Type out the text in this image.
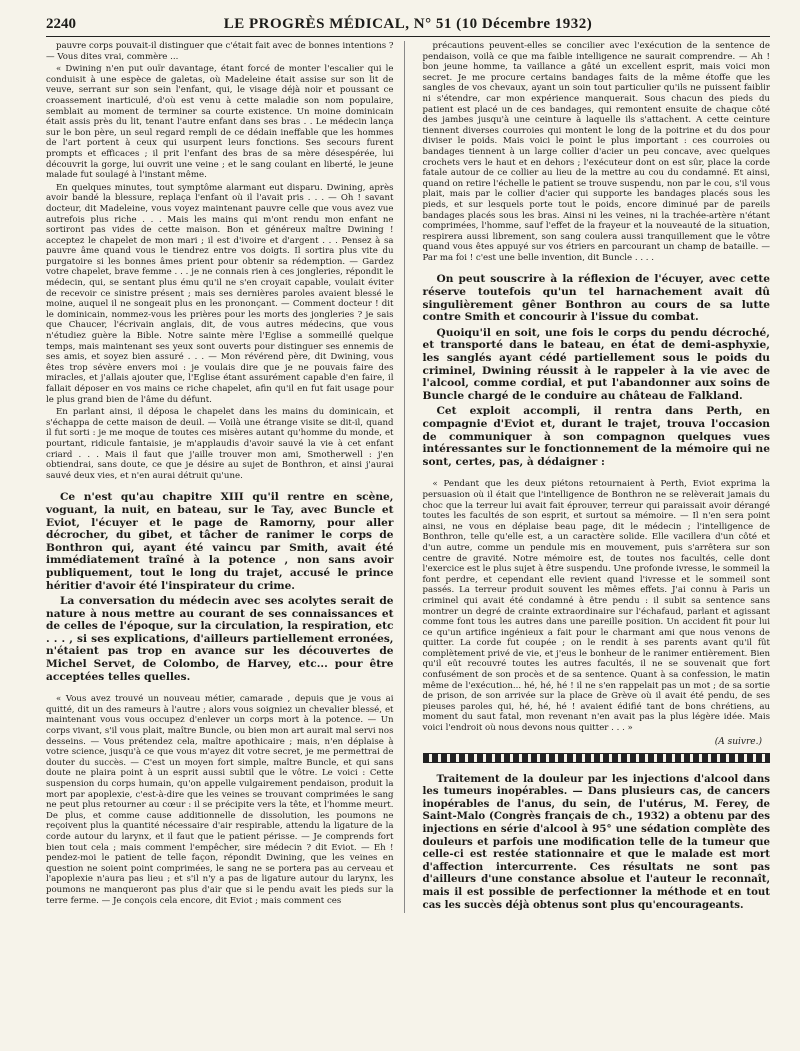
2240	LE PROGRÈS MÉDICAL, N° 51 (10 Décembre 1932)

pauvre corps pouvait-il distinguer que c'était fait avec de bonnes intentions ? — Vous dites vrai, commère ...

« Dwining n'en put ouïr davantage, étant forcé de monter l'escalier qui le conduisit à une espèce de galetas, où Madeleine était assise sur son lit de veuve, serrant sur son sein l'enfant, qui, le visage déjà noir et poussant ce croassement inarticulé, d'où est venu à cette maladie son nom populaire, semblait au moment de terminer sa courte existence. Un moine dominicain était assis près du lit, tenant l'autre enfant dans ses bras . . Le médecin lança sur le bon père, un seul regard rempli de ce dédain ineffable que les hommes de l'art portent à ceux qui usurpent leurs fonctions. Ses secours furent prompts et efficaces ; il prit l'enfant des bras de sa mère désespérée, lui découvrit la gorge, lui ouvrit une veine ; et le sang coulant en liberté, le jeune malade fut soulagé à l'instant même.

En quelques minutes, tout symptôme alarmant eut disparu. Dwining, après avoir bandé la blessure, replaça l'enfant où il l'avait pris . . . — Oh ! savant docteur, dit Madeleine, vous voyez maintenant pauvre celle que vous avez vue autrefois plus riche . . . Mais les mains qui m'ont rendu mon enfant ne sortiront pas vides de cette maison. Bon et généreux maître Dwining ! acceptez le chapelet de mon mari ; il est d'ivoire et d'argent . . . Pensez à sa pauvre âme quand vous le tiendrez entre vos doigts. Il sortira plus vite du purgatoire si les bonnes âmes prient pour obtenir sa rédemption. — Gardez votre chapelet, brave femme . . . je ne connais rien à ces jongleries, répondit le médecin, qui, se sentant plus ému qu'il ne s'en croyait capable, voulait éviter de recevoir ce sinistre présent ; mais ses dernières paroles avaient blessé le moine, auquel il ne songeait plus en les prononçant. — Comment docteur ! dit le dominicain, nommez-vous les prières pour les morts des jongleries ? je sais que Chaucer, l'écrivain anglais, dit, de vous autres médecins, que vous n'étudiez guère la Bible. Notre sainte mère l'Eglise a sommeillé quelque temps, mais maintenant ses yeux sont ouverts pour distinguer ses ennemis de ses amis, et soyez bien assuré . . . — Mon révérend père, dit Dwining, vous êtes trop sévère envers moi : je voulais dire que je ne pouvais faire des miracles, et j'allais ajouter que, l'Eglise étant assurément capable d'en faire, il fallait déposer en vos mains ce riche chapelet, afin qu'il en fut fait usage pour le plus grand bien de l'âme du défunt.

En parlant ainsi, il déposa le chapelet dans les mains du dominicain, et s'échappa de cette maison de deuil. — Voilà une étrange visite se dit-il, quand il fut sorti : je me moque de toutes ces misères autant qu'homme du monde, et pourtant, ridicule fantaisie, je m'applaudis d'avoir sauvé la vie à cet enfant criard . . . Mais il faut que j'aille trouver mon ami, Smotherwell : j'en obtiendrai, sans doute, ce que je désire au sujet de Bonthron, et ainsi j'aurai sauvé deux vies, et n'en aurai détruit qu'une.

Ce n'est qu'au chapitre XIII qu'il rentre en scène, voguant, la nuit, en bateau, sur le Tay, avec Buncle et Eviot, l'écuyer et le page de Ramorny, pour aller décrocher, du gibet, et tâcher de ranimer le corps de Bonthron qui, ayant été vaincu par Smith, avait été immédiatement traîné à la potence , non sans avoir publiquement, tout le long du trajet, accusé le prince héritier d'avoir été l'inspirateur du crime.

La conversation du médecin avec ses acolytes serait de nature à nous mettre au courant de ses connaissances et de celles de l'époque, sur la circulation, la respiration, etc . . . , si ses explications, d'ailleurs partiellement erronées, n'étaient pas trop en avance sur les découvertes de Michel Servet, de Colombo, de Harvey, etc... pour être acceptées telles quelles.

« Vous avez trouvé un nouveau métier, camarade , depuis que je vous ai quitté, dit un des rameurs à l'autre ; alors vous soigniez un chevalier blessé, et maintenant vous vous occupez d'enlever un corps mort à la potence. — Un corps vivant, s'il vous plait, maître Buncle, ou bien mon art aurait mal servi nos desseins. — Vous prétendez cela, maître apothicaire ; mais, n'en déplaise à votre science, jusqu'à ce que vous m'ayez dit votre secret, je me permettrai de douter du succès. — C'est un moyen fort simple, maître Buncle, et qui sans doute ne plaira point à un esprit aussi subtil que le vôtre. Le voici : Cette suspension du corps humain, qu'on appelle vulgairement pendaison, produit la mort par apoplexie, c'est-à-dire que les veines se trouvant comprimées le sang ne peut plus retourner au cœur : il se précipite vers la tête, et l'homme meurt. De plus, et comme cause additionnelle de dissolution, les poumons ne reçoivent plus la quantité nécessaire d'air respirable, attendu la ligature de la corde autour du larynx, et il faut que le patient périsse. — Je comprends fort bien tout cela ; mais comment l'empêcher, sire médecin ? dit Eviot. — Eh ! pendez-moi le patient de telle façon, répondit Dwining, que les veines en question ne soient point comprimées, le sang ne se portera pas au cerveau et l'apoplexie n'aura pas lieu ; et s'il n'y a pas de ligature autour du larynx, les poumons ne manqueront pas plus d'air que si le pendu avait les pieds sur la terre ferme. — Je conçois cela encore, dit Eviot ; mais comment ces

précautions peuvent-elles se concilier avec l'exécution de la sentence de pendaison, voilà ce que ma faible intelligence ne saurait comprendre. — Ah ! bon jeune homme, ta vaillance a gâté un excellent esprit, mais voici mon secret. Je me procure certains bandages faits de la même étoffe que les sangles de vos chevaux, ayant un soin tout particulier qu'ils ne puissent faiblir ni s'étendre, car mon expérience manquerait. Sous chacun des pieds du patient est placé un de ces bandages, qui remontent ensuite de chaque côté des jambes jusqu'à une ceinture à laquelle ils s'attachent. A cette ceinture tiennent diverses courroies qui montent le long de la poitrine et du dos pour diviser le poids. Mais voici le point le plus important : ces courroies ou bandages tiennent à un large collier d'acier un peu concave, avec quelques crochets vers le haut et en dehors ; l'exécuteur dont on est sûr, place la corde fatale autour de ce collier au lieu de la mettre au cou du condamné. Et ainsi, quand on retire l'échelle le patient se trouve suspendu, non par le cou, s'il vous plait, mais par le collier d'acier qui supporte les bandages placés sous les pieds, et sur lesquels porte tout le poids, encore diminué par de pareils bandages placés sous les bras. Ainsi ni les veines, ni la trachée-artère n'étant comprimées, l'homme, sauf l'effet de la frayeur et la nouveauté de la situation, respirera aussi librement, son sang coulera aussi tranquillement que le vôtre quand vous êtes appuyé sur vos étriers en parcourant un champ de bataille. — Par ma foi ! c'est une belle invention, dit Buncle . . . .

On peut souscrire à la réflexion de l'écuyer, avec cette réserve toutefois qu'un tel harnachement avait dû singulièrement gêner Bonthron au cours de sa lutte contre Smith et concourir à l'issue du combat.

Quoiqu'il en soit, une fois le corps du pendu décroché, et transporté dans le bateau, en état de demi-asphyxie, les sanglés ayant cédé partiellement sous le poids du criminel, Dwining réussit à le rappeler à la vie avec de l'alcool, comme cordial, et put l'abandonner aux soins de Buncle chargé de le conduire au château de Falkland.

Cet exploit accompli, il rentra dans Perth, en compagnie d'Eviot et, durant le trajet, trouva l'occasion de communiquer à son compagnon quelques vues intéressantes sur le fonctionnement de la mémoire qui ne sont, certes, pas, à dédaigner :

« Pendant que les deux piétons retournaient à Perth, Eviot exprima la persuasion où il était que l'intelligence de Bonthron ne se relèverait jamais du choc que la terreur lui avait fait éprouver, terreur qui paraissait avoir dérangé toutes les facultés de son esprit, et surtout sa mémoire. — Il n'en sera point ainsi, ne vous en déplaise beau page, dit le médecin ; l'intelligence de Bonthron, telle qu'elle est, a un caractère solide. Elle vacillera d'un côté et d'un autre, comme un pendule mis en mouvement, puis s'arrêtera sur son centre de gravité. Notre mémoire est, de toutes nos facultés, celle dont l'exercice est le plus sujet à être suspendu. Une profonde ivresse, le sommeil la font perdre, et cependant elle revient quand l'ivresse et le sommeil sont passés. La terreur produit souvent les mêmes effets. J'ai connu à Paris un criminel qui avait été condamné à être pendu : il subit sa sentence sans montrer un degré de crainte extraordinaire sur l'échafaud, parlant et agissant comme font tous les autres dans une pareille position. Un accident fit pour lui ce qu'un artifice ingénieux a fait pour le charmant ami que nous venons de quitter. La corde fut coupée ; on le rendit à ses parents avant qu'il fût complètement privé de vie, et j'eus le bonheur de le ranimer entièrement. Bien qu'il eût recouvré toutes les autres facultés, il ne se souvenait que fort confusément de son procès et de sa sentence. Quant à sa confession, le matin même de l'exécution... hé, hé, hé ! il ne s'en rappelait pas un mot ; de sa sortie de prison, de son arrivée sur la place de Grève où il avait été pendu, de ses pieuses paroles qui, hé, hé, hé ! avaient édifié tant de bons chrétiens, au moment du saut fatal, mon revenant n'en avait pas la plus légère idée. Mais voici l'endroit où nous devons nous quitter . . . »

(A suivre.)

Traitement de la douleur par les injections d'alcool dans les tumeurs inopérables. — Dans plusieurs cas, de cancers inopérables de l'anus, du sein, de l'utérus, M. Ferey, de Saint-Malo (Congrès français de ch., 1932) a obtenu par des injections en série d'alcool à 95° une sédation complète des douleurs et parfois une modification telle de la tumeur que celle-ci est restée stationnaire et que le malade est mort d'affection intercurrente. Ces résultats ne sont pas d'ailleurs d'une constance absolue et l'auteur le reconnaît, mais il est possible de perfectionner la méthode et en tout cas les succès déjà obtenus sont plus qu'encourageants.
